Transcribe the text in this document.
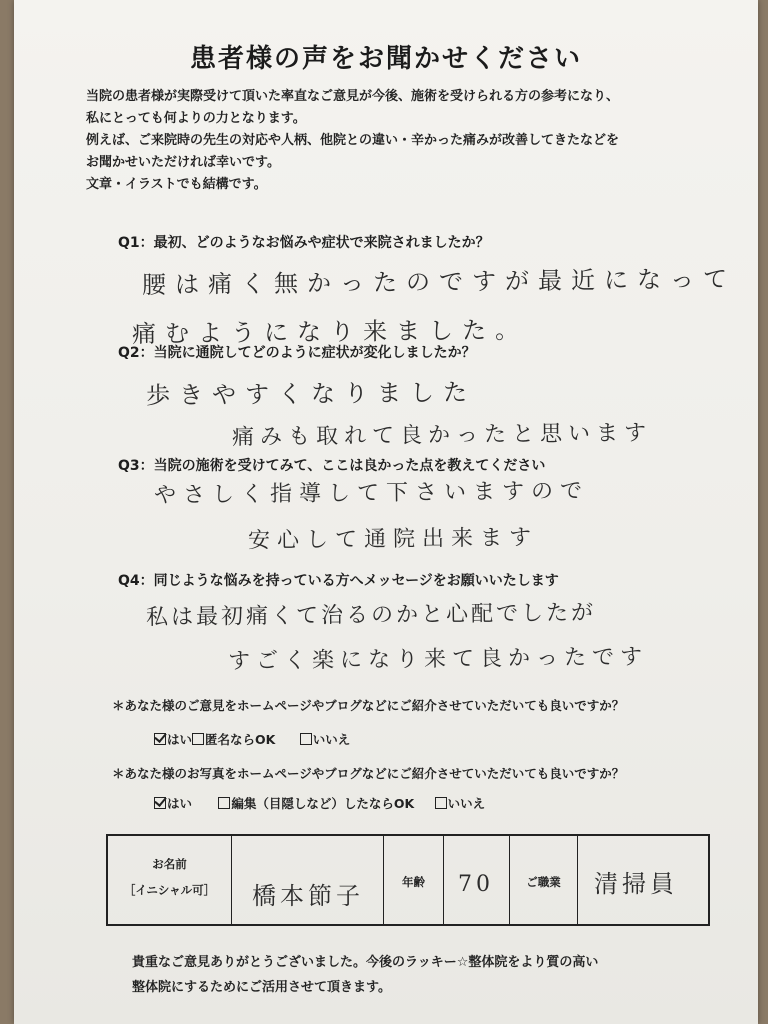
患者様の声をお聞かせください
当院の患者様が実際受けて頂いた率直なご意見が今後、施術を受けられる方の参考になり、
私にとっても何よりの力となります。
例えば、ご来院時の先生の対応や人柄、他院との違い・辛かった痛みが改善してきたなどを
お聞かせいただければ幸いです。
文章・イラストでも結構です。
Q1：最初、どのようなお悩みや症状で来院されましたか？
腰は痛く無かったのですが最近になって
痛むようになり来ました。
Q2：当院に通院してどのように症状が変化しましたか？
歩きやすくなりました
痛みも取れて良かったと思います
Q3：当院の施術を受けてみて、ここは良かった点を教えてください
やさしく指導して下さいますので
安心して通院出来ます
Q4：同じような悩みを持っている方へメッセージをお願いいたします
私は最初痛くて治るのかと心配でしたが
すごく楽になり来て良かったです
＊あなた様のご意見をホームページやブログなどにご紹介させていただいても良いですか？
はい 匿名ならOK	いいえ
＊あなた様のお写真をホームページやブログなどにご紹介させていただいても良いですか？
はい	編集（目隠しなど）したならOK	いいえ
お名前
［イニシャル可］	橋本節子	年齢	70	ご職業	清掃員
貴重なご意見ありがとうございました。今後のラッキー☆整体院をより質の高い
整体院にするためにご活用させて頂きます。
